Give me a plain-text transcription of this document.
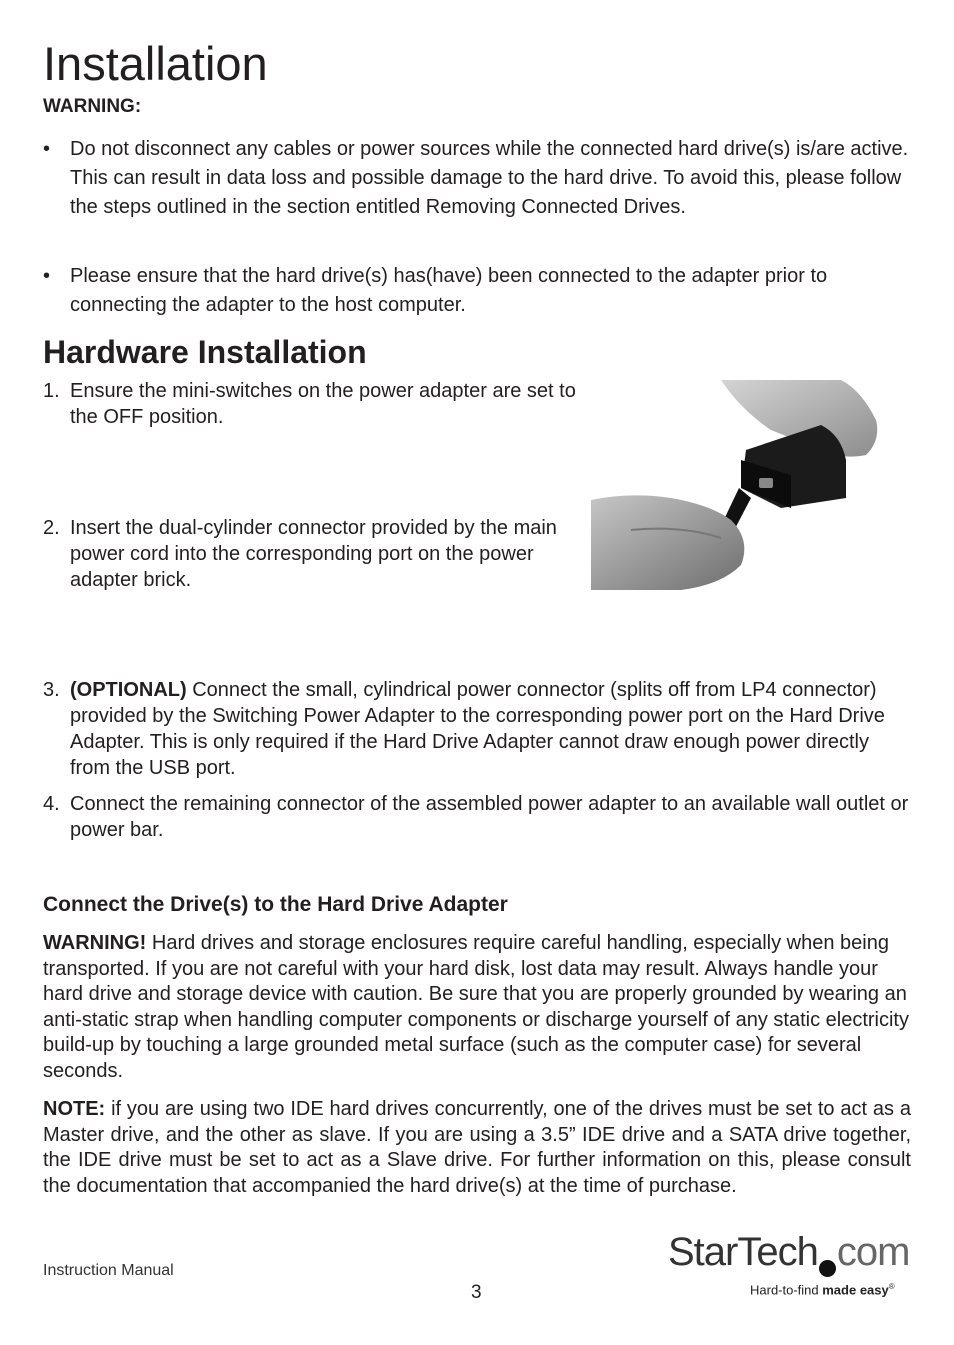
Installation
WARNING:
• Do not disconnect any cables or power sources while the connected hard drive(s) is/are active. This can result in data loss and possible damage to the hard drive. To avoid this, please follow the steps outlined in the section entitled Removing Connected Drives.
• Please ensure that the hard drive(s) has(have) been connected to the adapter prior to connecting the adapter to the host computer.
Hardware Installation
1. Ensure the mini-switches on the power adapter are set to the OFF position.
2. Insert the dual-cylinder connector provided by the main power cord into the corresponding port on the power adapter brick.
3. (OPTIONAL) Connect the small, cylindrical power connector (splits off from LP4 connector) provided by the Switching Power Adapter to the corresponding power port on the Hard Drive Adapter. This is only required if the Hard Drive Adapter cannot draw enough power directly from the USB port.
4. Connect the remaining connector of the assembled power adapter to an available wall outlet or power bar.
Connect the Drive(s) to the Hard Drive Adapter
WARNING! Hard drives and storage enclosures require careful handling, especially when being transported. If you are not careful with your hard disk, lost data may result. Always handle your hard drive and storage device with caution. Be sure that you are properly grounded by wearing an anti-static strap when handling computer components or discharge yourself of any static electricity build-up by touching a large grounded metal surface (such as the computer case) for several seconds.
NOTE: if you are using two IDE hard drives concurrently, one of the drives must be set to act as a Master drive, and the other as slave. If you are using a 3.5” IDE drive and a SATA drive together, the IDE drive must be set to act as a Slave drive. For further information on this, please consult the documentation that accompanied the hard drive(s) at the time of purchase.
Instruction Manual
3
StarTech com
Hard-to-find made easy®
